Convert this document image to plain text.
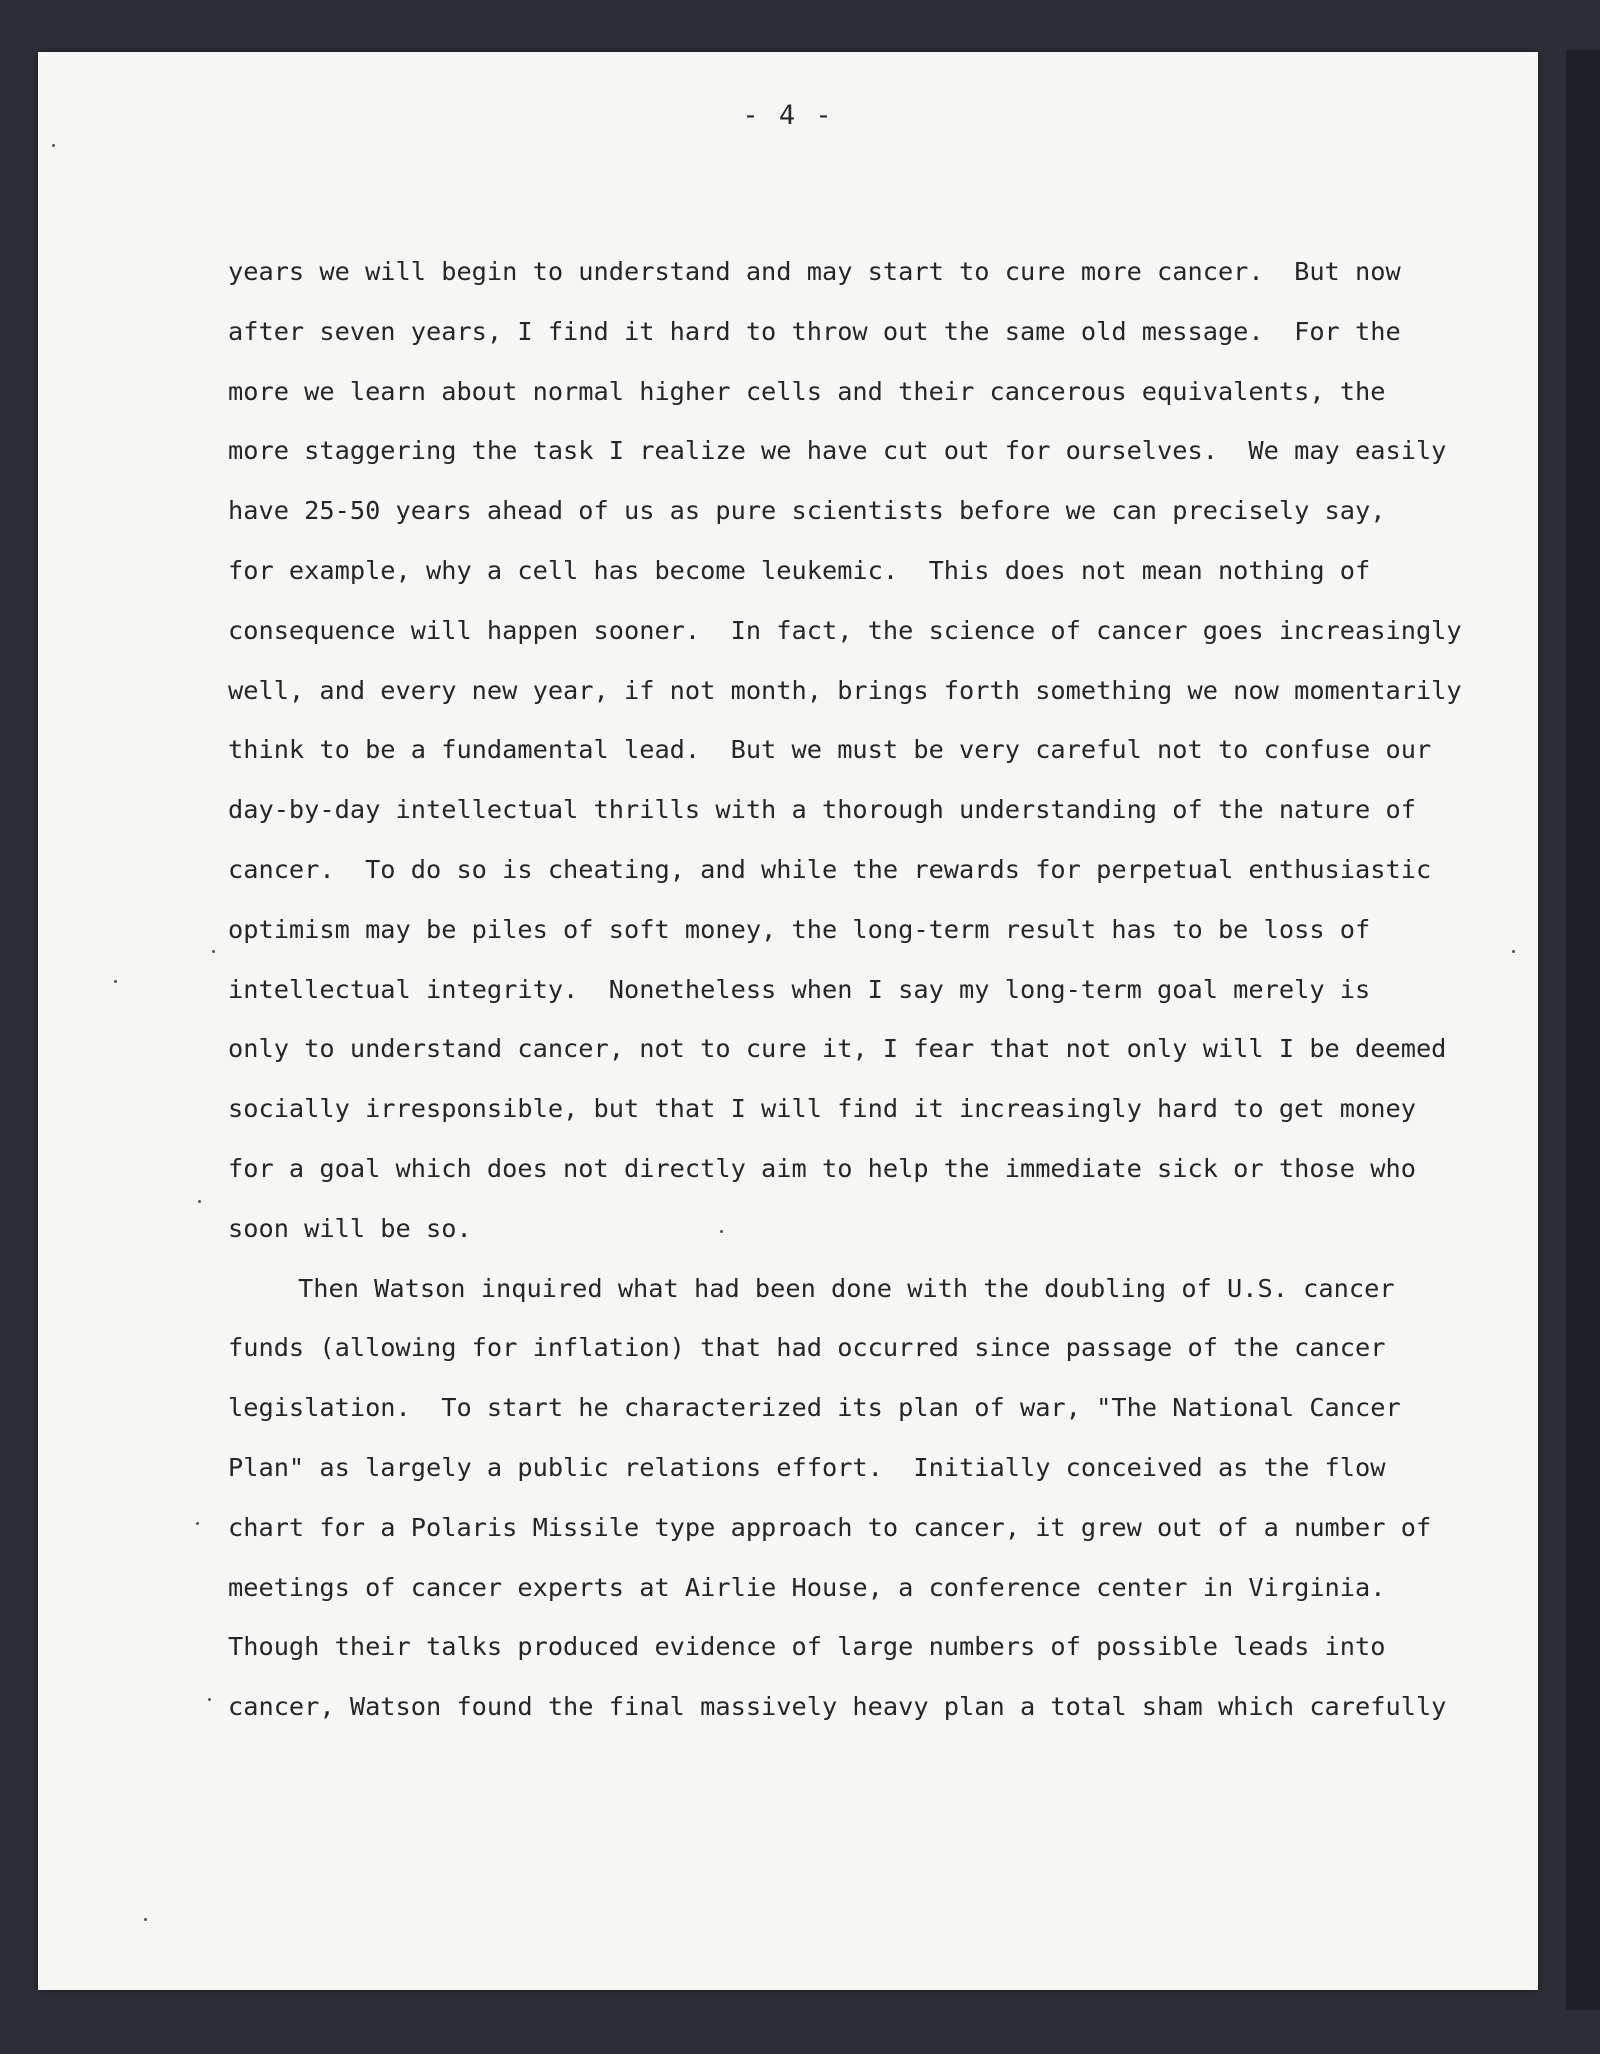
- 4 -
years we will begin to understand and may start to cure more cancer.  But now
after seven years, I find it hard to throw out the same old message.  For the
more we learn about normal higher cells and their cancerous equivalents, the
more staggering the task I realize we have cut out for ourselves.  We may easily
have 25-50 years ahead of us as pure scientists before we can precisely say,
for example, why a cell has become leukemic.  This does not mean nothing of
consequence will happen sooner.  In fact, the science of cancer goes increasingly
well, and every new year, if not month, brings forth something we now momentarily
think to be a fundamental lead.  But we must be very careful not to confuse our
day-by-day intellectual thrills with a thorough understanding of the nature of
cancer.  To do so is cheating, and while the rewards for perpetual enthusiastic
optimism may be piles of soft money, the long-term result has to be loss of
intellectual integrity.  Nonetheless when I say my long-term goal merely is
only to understand cancer, not to cure it, I fear that not only will I be deemed
socially irresponsible, but that I will find it increasingly hard to get money
for a goal which does not directly aim to help the immediate sick or those who
soon will be so.
Then Watson inquired what had been done with the doubling of U.S. cancer
funds (allowing for inflation) that had occurred since passage of the cancer
legislation.  To start he characterized its plan of war, "The National Cancer
Plan" as largely a public relations effort.  Initially conceived as the flow
chart for a Polaris Missile type approach to cancer, it grew out of a number of
meetings of cancer experts at Airlie House, a conference center in Virginia.
Though their talks produced evidence of large numbers of possible leads into
cancer, Watson found the final massively heavy plan a total sham which carefully
